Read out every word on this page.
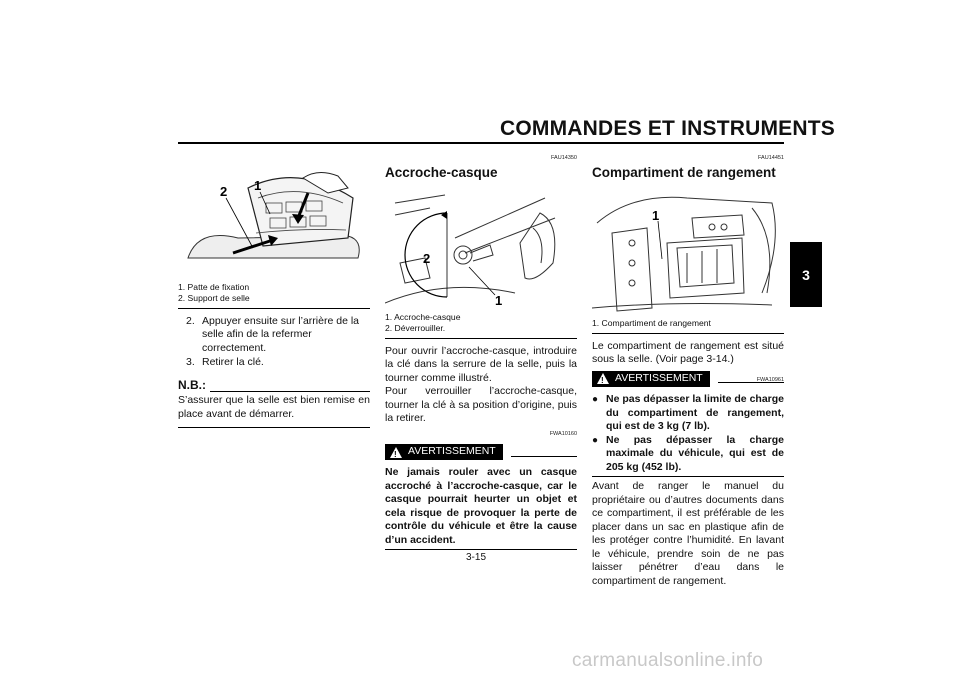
COMMANDES ET INSTRUMENTS
3
2 1
1. Patte de fixation
2. Support de selle
2. Appuyer ensuite sur l’arrière de la selle afin de la refermer correctement.
3. Retirer la clé.
N.B.:
S’assurer que la selle est bien remise en place avant de démarrer.
FAU14350
Accroche-casque
2
1
1. Accroche-casque
2. Déverrouiller.
Pour ouvrir l’accroche-casque, introduire la clé dans la serrure de la selle, puis la tourner comme illustré.
Pour verrouiller l’accroche-casque, tourner la clé à sa position d’origine, puis la retirer.
FWA10160
!
AVERTISSEMENT
Ne jamais rouler avec un casque accroché à l’accroche-casque, car le casque pourrait heurter un objet et cela risque de provoquer la perte de contrôle du véhicule et être la cause d’un accident.
FAU14451
Compartiment de rangement
1
1. Compartiment de rangement
Le compartiment de rangement est situé sous la selle. (Voir page 3-14.)
!
AVERTISSEMENT	FWA10961
● Ne pas dépasser la limite de charge du compartiment de rangement, qui est de 3 kg (7 lb).
● Ne pas dépasser la charge maximale du véhicule, qui est de 205 kg (452 lb).
Avant de ranger le manuel du propriétaire ou d’autres documents dans ce compartiment, il est préférable de les placer dans un sac en plastique afin de les protéger contre l’humidité. En lavant le véhicule, prendre soin de ne pas laisser pénétrer d’eau dans le compartiment de rangement.
3-15
carmanualsonline.info
